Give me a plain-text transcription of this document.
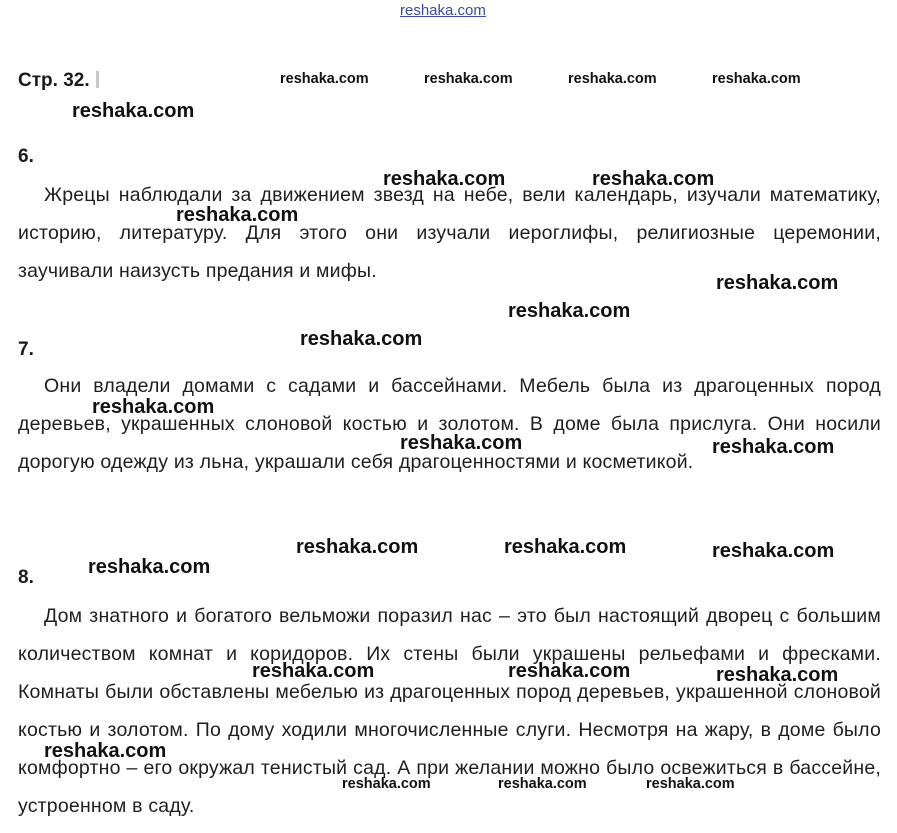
reshaka.com
Стр. 32.
6.
Жрецы наблюдали за движением звезд на небе, вели календарь, изучали математику, историю, литературу. Для этого они изучали иероглифы, религиозные церемонии, заучивали наизусть предания и мифы.
7.
Они владели домами с садами и бассейнами. Мебель была из драгоценных пород деревьев, украшенных слоновой костью и золотом. В доме была прислуга. Они носили дорогую одежду из льна, украшали себя драгоценностями и косметикой.
8.
Дом знатного и богатого вельможи поразил нас – это был настоящий дворец с большим количеством комнат и коридоров. Их стены были украшены рельефами и фресками. Комнаты были обставлены мебелью из драгоценных пород деревьев, украшенной слоновой костью и золотом. По дому ходили многочисленные слуги. Несмотря на жару, в доме было комфортно – его окружал тенистый сад. А при желании можно было освежиться в бассейне, устроенном в саду.
reshaka.com	reshaka.com	reshaka.com	reshaka.com
reshaka.com	reshaka.com	reshaka.com
reshaka.com
reshaka.com	reshaka.com
reshaka.com
reshaka.com
reshaka.com
reshaka.com
reshaka.com
reshaka.com	reshaka.com
reshaka.com	reshaka.com	reshaka.com
reshaka.com
reshaka.com	reshaka.com	reshaka.com
reshaka.com
